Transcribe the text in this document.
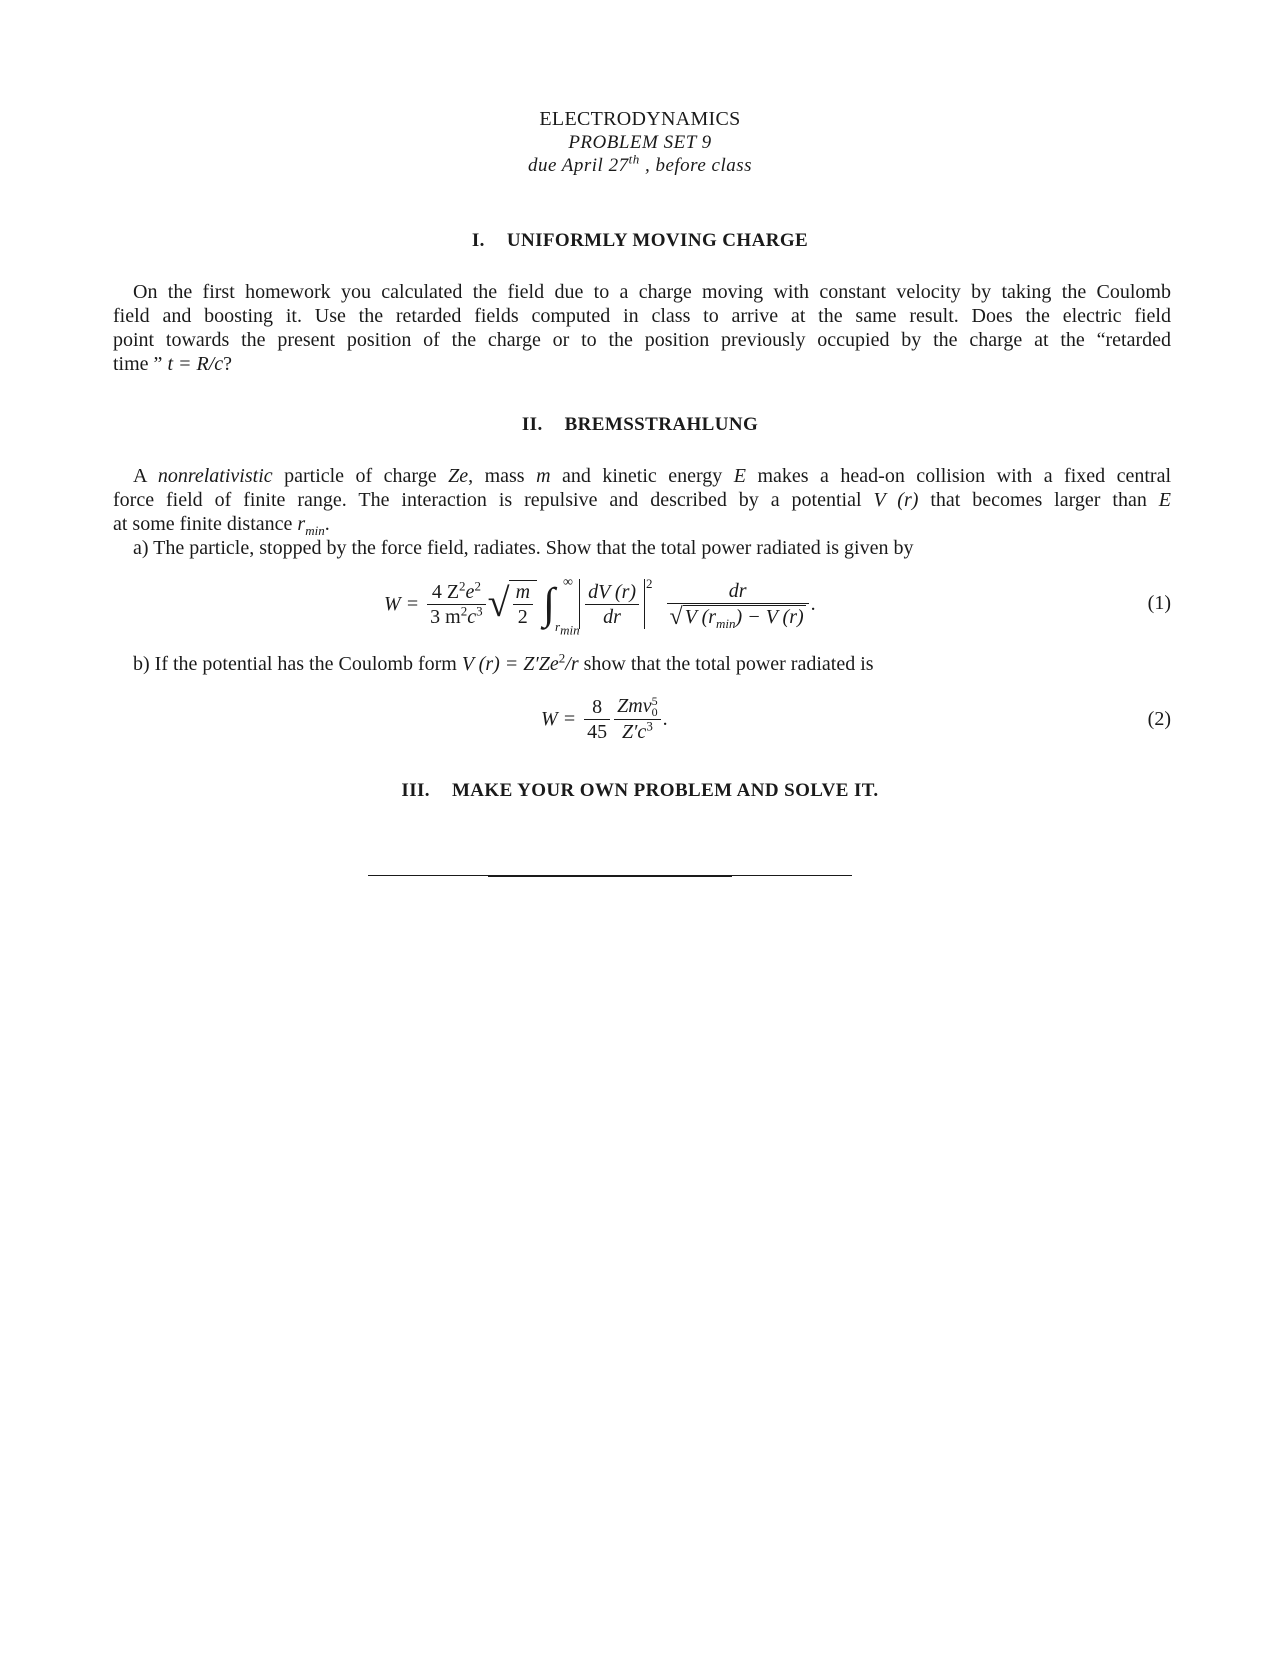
ELECTRODYNAMICS
PROBLEM SET 9
due April 27th , before class
I. UNIFORMLY MOVING CHARGE
On the first homework you calculated the field due to a charge moving with constant velocity by taking the Coulomb
field and boosting it. Use the retarded fields computed in class to arrive at the same result. Does the electric field
point towards the present position of the charge or to the position previously occupied by the charge at the “retarded
time ” t = R/c?
II. BREMSSTRAHLUNG
A nonrelativistic particle of charge Ze, mass m and kinetic energy E makes a head-on collision with a fixed central
force field of finite range. The interaction is repulsive and described by a potential V (r) that becomes larger than E
at some finite distance $r_{min}$.
a) The particle, stopped by the force field, radiates. Show that the total power radiated is given by
$W = \frac{4 Z^2e^2}{3 m^2c^3}$ √ $\frac{m}{2}$ ∫ ∞
$r_{min}$
$\frac{dV (r)}{dr} 2 \frac{dr}{√ V (r_{min}) - V (r)}$ .	(1)
b) If the potential has the Coulomb form V $(r) = Z'Ze^2/r$ show that the total power radiated is
$W = \frac{8}{45}$ Zmv 5
0
$Z'c^3$ .	(2)
III. MAKE YOUR OWN PROBLEM AND SOLVE IT.
